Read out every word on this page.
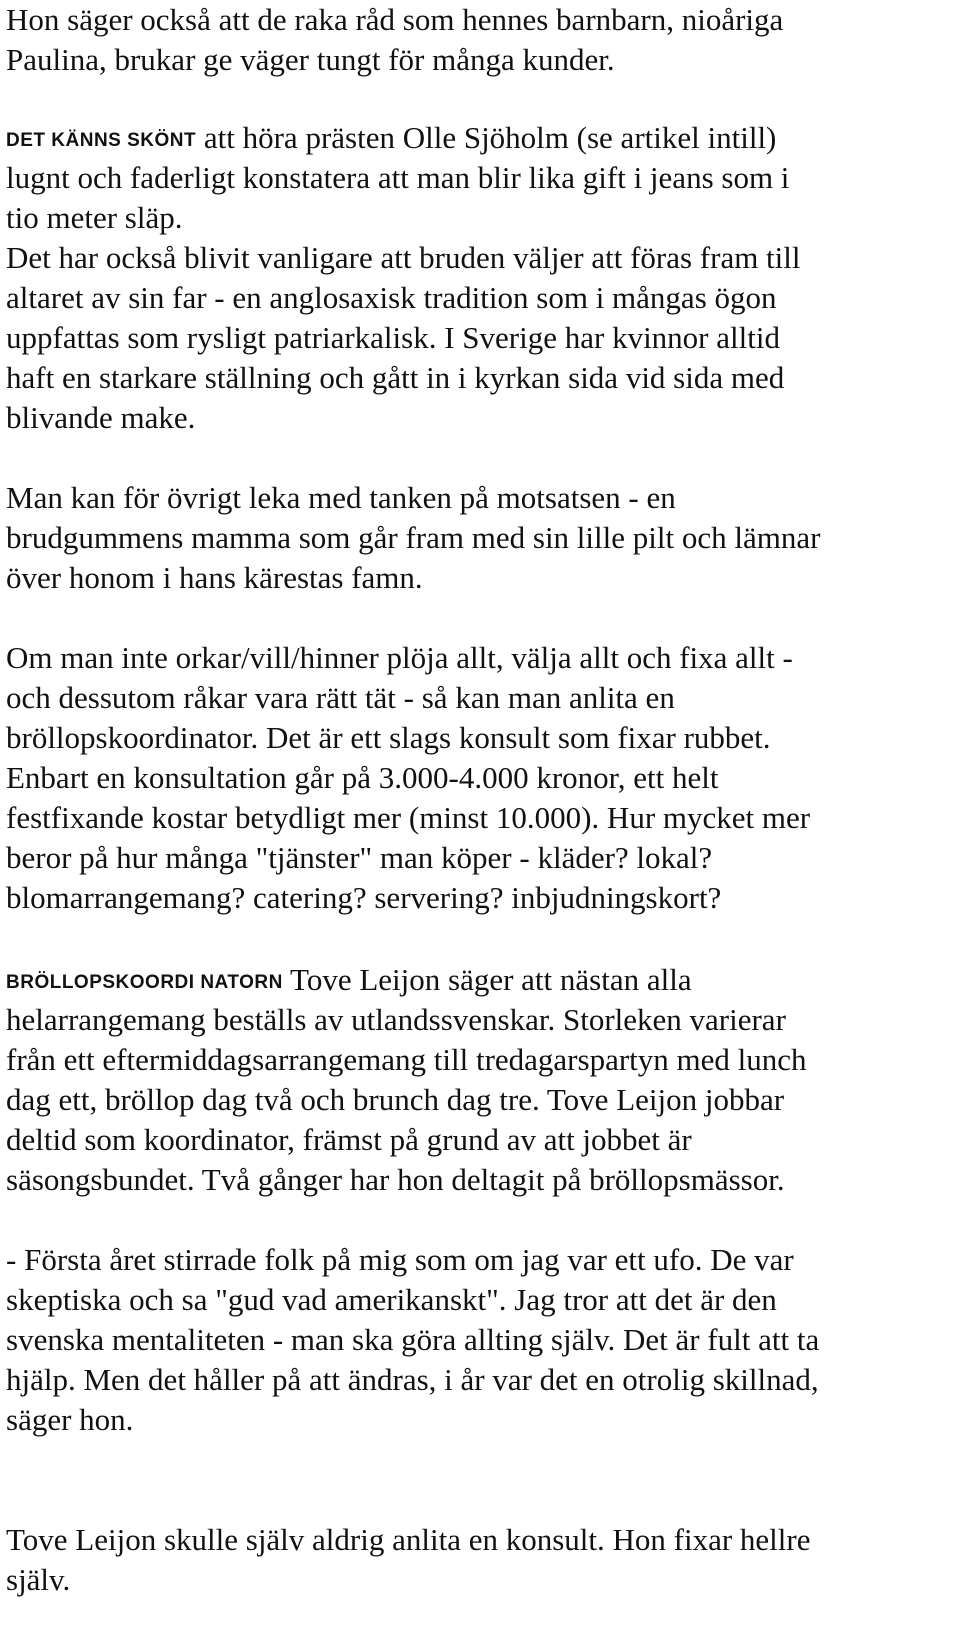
Hon säger också att de raka råd som hennes barnbarn, nioåriga
Paulina, brukar ge väger tungt för många kunder.

DET KÄNNS SKÖNT att höra prästen Olle Sjöholm (se artikel intill)
lugnt och faderligt konstatera att man blir lika gift i jeans som i
tio meter släp.
Det har också blivit vanligare att bruden väljer att föras fram till
altaret av sin far - en anglosaxisk tradition som i mångas ögon
uppfattas som rysligt patriarkalisk. I Sverige har kvinnor alltid
haft en starkare ställning och gått in i kyrkan sida vid sida med
blivande make.

Man kan för övrigt leka med tanken på motsatsen - en
brudgummens mamma som går fram med sin lille pilt och lämnar
över honom i hans kärestas famn.

Om man inte orkar/vill/hinner plöja allt, välja allt och fixa allt -
och dessutom råkar vara rätt tät - så kan man anlita en
bröllopskoordinator. Det är ett slags konsult som fixar rubbet.
Enbart en konsultation går på 3.000-4.000 kronor, ett helt
festfixande kostar betydligt mer (minst 10.000). Hur mycket mer
beror på hur många "tjänster" man köper - kläder? lokal?
blomarrangemang? catering? servering? inbjudningskort?

BRÖLLOPSKOORDI NATORN Tove Leijon säger att nästan alla
helarrangemang beställs av utlandssvenskar. Storleken varierar
från ett eftermiddagsarrangemang till tredagarspartyn med lunch
dag ett, bröllop dag två och brunch dag tre. Tove Leijon jobbar
deltid som koordinator, främst på grund av att jobbet är
säsongsbundet. Två gånger har hon deltagit på bröllopsmässor.

- Första året stirrade folk på mig som om jag var ett ufo. De var
skeptiska och sa "gud vad amerikanskt". Jag tror att det är den
svenska mentaliteten - man ska göra allting själv. Det är fult att ta
hjälp. Men det håller på att ändras, i år var det en otrolig skillnad,
säger hon.

Tove Leijon skulle själv aldrig anlita en konsult. Hon fixar hellre
själv.
